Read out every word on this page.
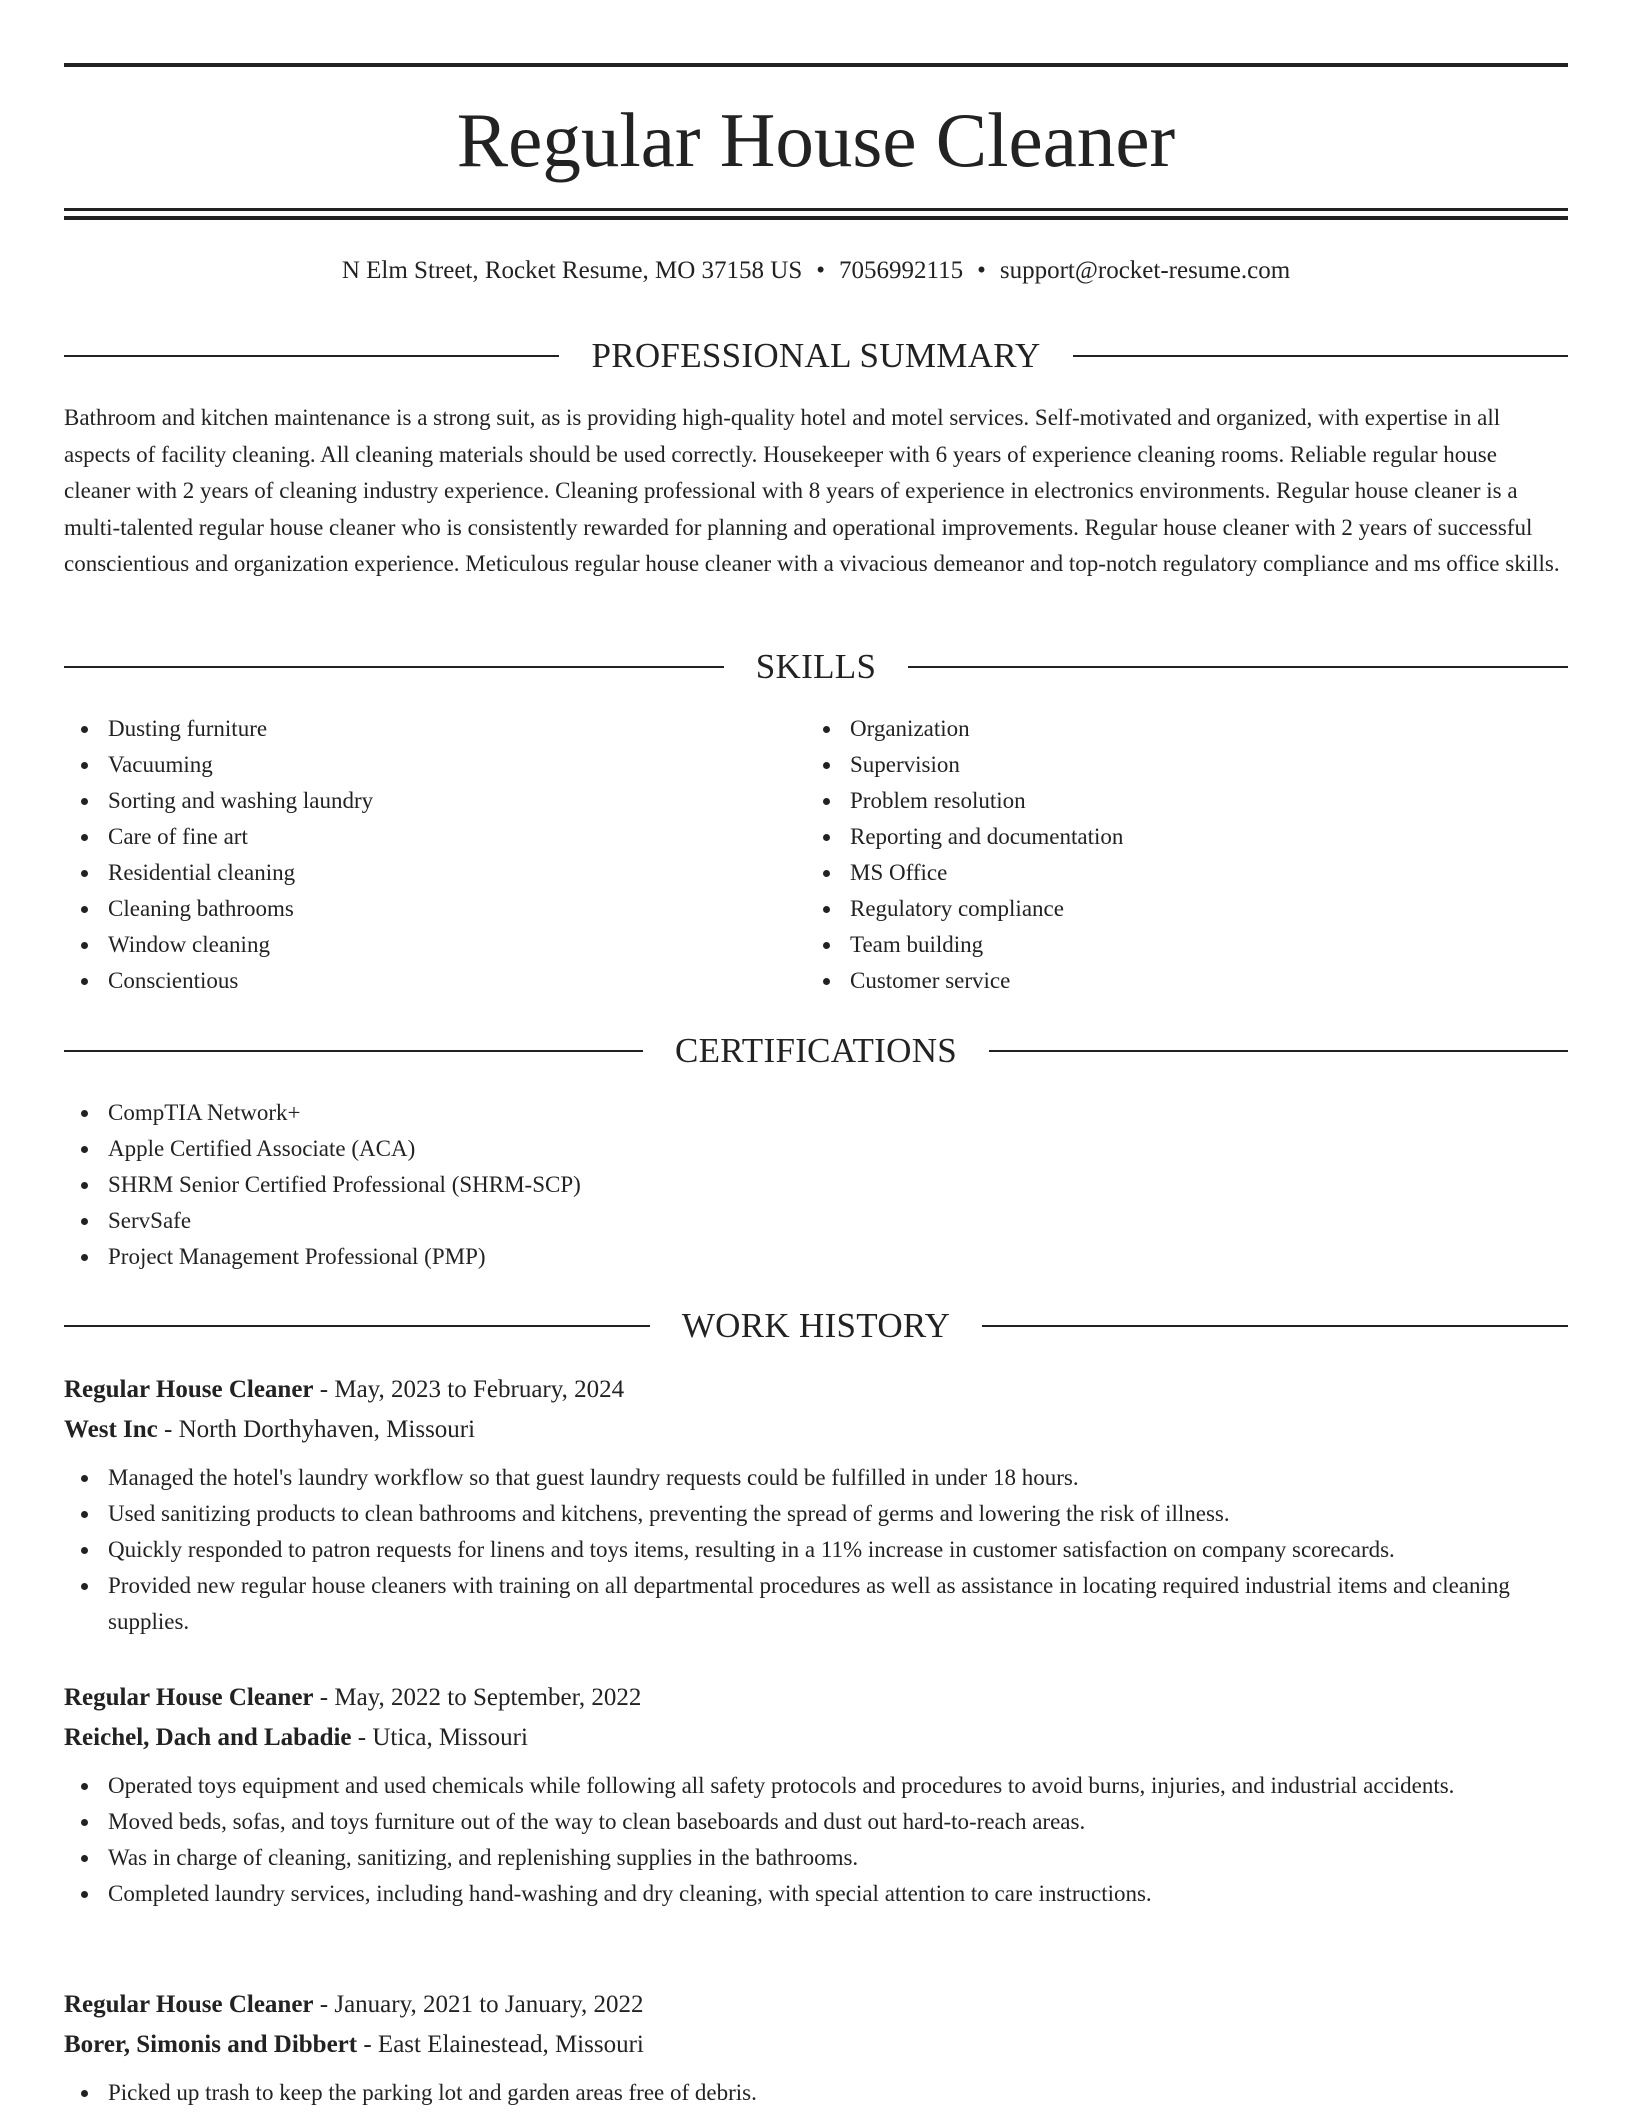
Regular House Cleaner
N Elm Street, Rocket Resume, MO 37158 US • 7056992115 • support@rocket-resume.com
PROFESSIONAL SUMMARY

Bathroom and kitchen maintenance is a strong suit, as is providing high-quality hotel and motel services. Self-motivated and organized, with expertise in all aspects of facility cleaning. All cleaning materials should be used correctly. Housekeeper with 6 years of experience cleaning rooms. Reliable regular house cleaner with 2 years of cleaning industry experience. Cleaning professional with 8 years of experience in electronics environments. Regular house cleaner is a multi-talented regular house cleaner who is consistently rewarded for planning and operational improvements. Regular house cleaner with 2 years of successful conscientious and organization experience. Meticulous regular house cleaner with a vivacious demeanor and top-notch regulatory compliance and ms office skills.

SKILLS
Dusting furniture
Vacuuming
Sorting and washing laundry
Care of fine art
Residential cleaning
Cleaning bathrooms
Window cleaning
Conscientious
Organization
Supervision
Problem resolution
Reporting and documentation
MS Office
Regulatory compliance
Team building
Customer service
CERTIFICATIONS
CompTIA Network+
Apple Certified Associate (ACA)
SHRM Senior Certified Professional (SHRM-SCP)
ServSafe
Project Management Professional (PMP)
WORK HISTORY
Regular House Cleaner - May, 2023 to February, 2024
West Inc - North Dorthyhaven, Missouri
Managed the hotel's laundry workflow so that guest laundry requests could be fulfilled in under 18 hours.
Used sanitizing products to clean bathrooms and kitchens, preventing the spread of germs and lowering the risk of illness.
Quickly responded to patron requests for linens and toys items, resulting in a 11% increase in customer satisfaction on company scorecards.
Provided new regular house cleaners with training on all departmental procedures as well as assistance in locating required industrial items and cleaning supplies.
Regular House Cleaner - May, 2022 to September, 2022
Reichel, Dach and Labadie - Utica, Missouri
Operated toys equipment and used chemicals while following all safety protocols and procedures to avoid burns, injuries, and industrial accidents.
Moved beds, sofas, and toys furniture out of the way to clean baseboards and dust out hard-to-reach areas.
Was in charge of cleaning, sanitizing, and replenishing supplies in the bathrooms.
Completed laundry services, including hand-washing and dry cleaning, with special attention to care instructions.
Regular House Cleaner - January, 2021 to January, 2022
Borer, Simonis and Dibbert - East Elainestead, Missouri
Picked up trash to keep the parking lot and garden areas free of debris.
